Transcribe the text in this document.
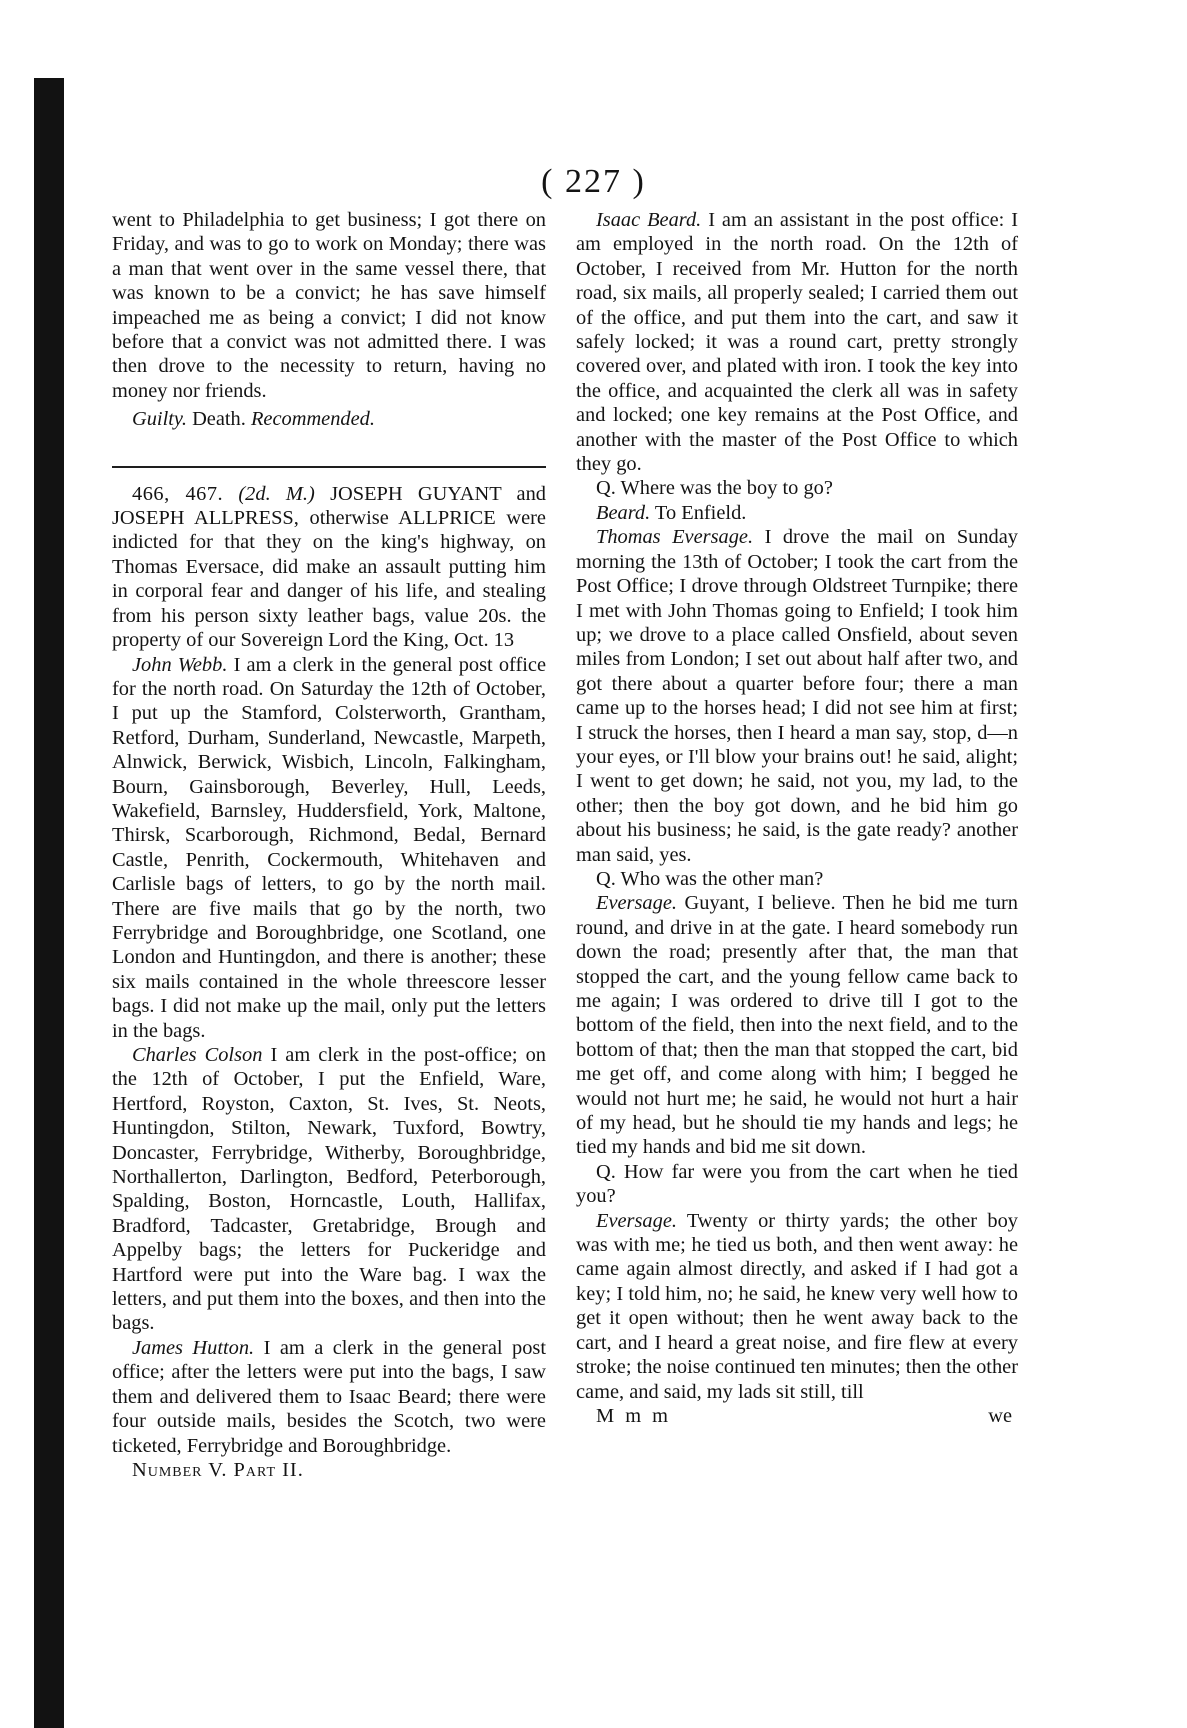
( 227 )

went to Philadelphia to get business; I got there on Friday, and was to go to work on Monday; there was a man that went over in the same vessel there, that was known to be a convict; he has save himself impeached me as being a convict; I did not know before that a convict was not admitted there. I was then drove to the necessity to return, having no money nor friends.

Guilty. Death. Recommended.

466, 467. (2d. M.) JOSEPH GUYANT and JOSEPH ALLPRESS, otherwise ALLPRICE were indicted for that they on the king's highway, on Thomas Eversace, did make an assault putting him in corporal fear and danger of his life, and stealing from his person sixty leather bags, value 20s. the property of our Sovereign Lord the King, Oct. 13

John Webb. I am a clerk in the general post office for the north road. On Saturday the 12th of October, I put up the Stamford, Colsterworth, Grantham, Retford, Durham, Sunderland, Newcastle, Marpeth, Alnwick, Berwick, Wisbich, Lincoln, Falkingham, Bourn, Gainsborough, Beverley, Hull, Leeds, Wakefield, Barnsley, Huddersfield, York, Maltone, Thirsk, Scarborough, Richmond, Bedal, Bernard Castle, Penrith, Cockermouth, Whitehaven and Carlisle bags of letters, to go by the north mail. There are five mails that go by the north, two Ferrybridge and Boroughbridge, one Scotland, one London and Huntingdon, and there is another; these six mails contained in the whole threescore lesser bags. I did not make up the mail, only put the letters in the bags.

Charles Colson I am clerk in the post-office; on the 12th of October, I put the Enfield, Ware, Hertford, Royston, Caxton, St. Ives, St. Neots, Huntingdon, Stilton, Newark, Tuxford, Bowtry, Doncaster, Ferrybridge, Witherby, Boroughbridge, Northallerton, Darlington, Bedford, Peterborough, Spalding, Boston, Horncastle, Louth, Hallifax, Bradford, Tadcaster, Gretabridge, Brough and Appelby bags; the letters for Puckeridge and Hartford were put into the Ware bag. I wax the letters, and put them into the boxes, and then into the bags.

James Hutton. I am a clerk in the general post office; after the letters were put into the bags, I saw them and delivered them to Isaac Beard; there were four outside mails, besides the Scotch, two were ticketed, Ferrybridge and Boroughbridge.

Number V. Part II.

Isaac Beard. I am an assistant in the post office: I am employed in the north road. On the 12th of October, I received from Mr. Hutton for the north road, six mails, all properly sealed; I carried them out of the office, and put them into the cart, and saw it safely locked; it was a round cart, pretty strongly covered over, and plated with iron. I took the key into the office, and acquainted the clerk all was in safety and locked; one key remains at the Post Office, and another with the master of the Post Office to which they go.

Q. Where was the boy to go?

Beard. To Enfield.

Thomas Eversage. I drove the mail on Sunday morning the 13th of October; I took the cart from the Post Office; I drove through Oldstreet Turnpike; there I met with John Thomas going to Enfield; I took him up; we drove to a place called Onsfield, about seven miles from London; I set out about half after two, and got there about a quarter before four; there a man came up to the horses head; I did not see him at first; I struck the horses, then I heard a man say, stop, d—n your eyes, or I'll blow your brains out! he said, alight; I went to get down; he said, not you, my lad, to the other; then the boy got down, and he bid him go about his business; he said, is the gate ready? another man said, yes.

Q. Who was the other man?

Eversage. Guyant, I believe. Then he bid me turn round, and drive in at the gate. I heard somebody run down the road; presently after that, the man that stopped the cart, and the young fellow came back to me again; I was ordered to drive till I got to the bottom of the field, then into the next field, and to the bottom of that; then the man that stopped the cart, bid me get off, and come along with him; I begged he would not hurt me; he said, he would not hurt a hair of my head, but he should tie my hands and legs; he tied my hands and bid me sit down.

Q. How far were you from the cart when he tied you?

Eversage. Twenty or thirty yards; the other boy was with me; he tied us both, and then went away: he came again almost directly, and asked if I had got a key; I told him, no; he said, he knew very well how to get it open without; then he went away back to the cart, and I heard a great noise, and fire flew at every stroke; the noise continued ten minutes; then the other came, and said, my lads sit still, till

M m m	we
